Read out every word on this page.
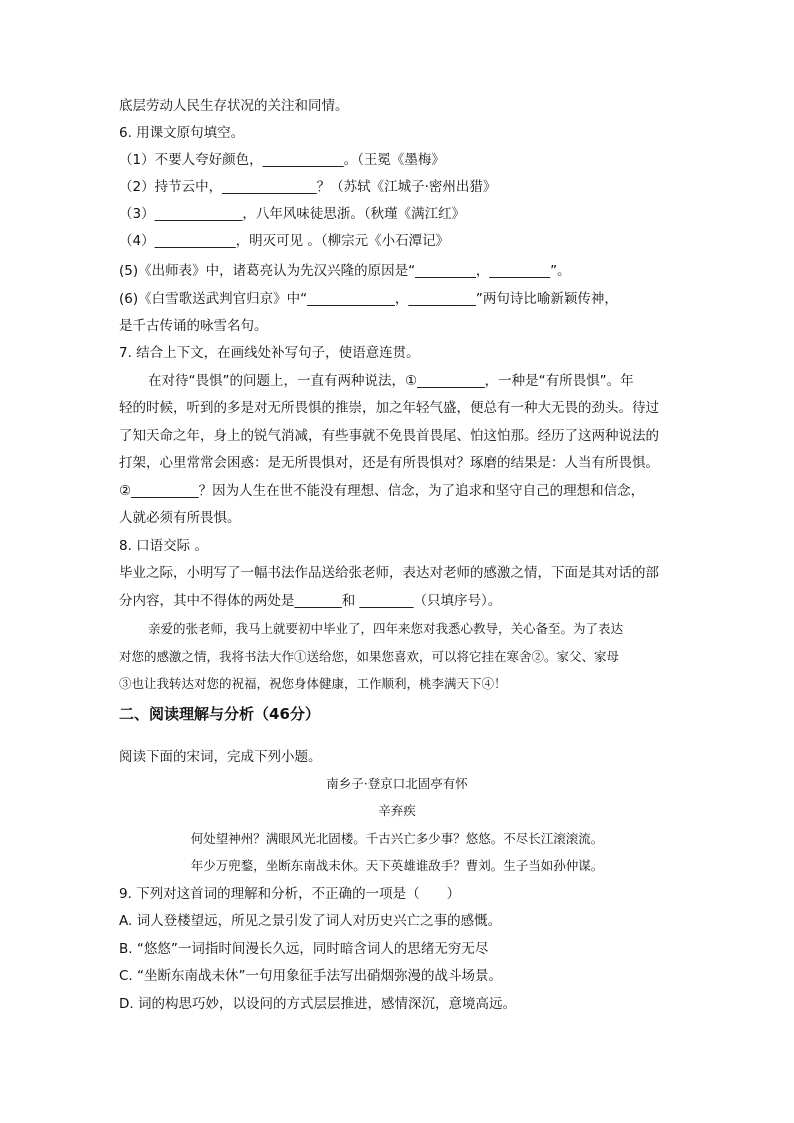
底层劳动人民生存状况的关注和同情。
6. 用课文原句填空。
（1）不要人夸好颜色，____________。（王冕《墨梅》
（2）持节云中，______________？（苏轼《江城子·密州出猎》
（3）_____________，八年风味徒思浙。（秋瑾《满江红》
（4）____________，明灭可见 。（柳宗元《小石潭记》
(5)《出师表》中，诸葛亮认为先汉兴隆的原因是“_________，_________”。
(6)《白雪歌送武判官归京》中“_____________，__________”两句诗比喻新颖传神，
是千古传诵的咏雪名句。
7. 结合上下文，在画线处补写句子，使语意连贯。
在对待“畏惧”的问题上，一直有两种说法，①__________，一种是“有所畏惧”。年
轻的时候，听到的多是对无所畏惧的推崇，加之年轻气盛，便总有一种大无畏的劲头。待过
了知天命之年，身上的锐气消减，有些事就不免畏首畏尾、怕这怕那。经历了这两种说法的
打架，心里常常会困惑：是无所畏惧对，还是有所畏惧对？琢磨的结果是：人当有所畏惧。
②__________？因为人生在世不能没有理想、信念，为了追求和坚守自己的理想和信念，
人就必须有所畏惧。
8. 口语交际 。
毕业之际，小明写了一幅书法作品送给张老师，表达对老师的感激之情，下面是其对话的部
分内容，其中不得体的两处是_______和 ________（只填序号）。
亲爱的张老师，我马上就要初中毕业了，四年来您对我悉心教导，关心备至。为了表达
对您的感激之情，我将书法大作①送给您，如果您喜欢，可以将它挂在寒舍②。家父、家母
③也让我转达对您的祝福，祝您身体健康，工作顺利，桃李满天下④！
二、阅读理解与分析（46分）
阅读下面的宋词，完成下列小题。
南乡子·登京口北固亭有怀
辛弃疾
何处望神州？满眼风光北固楼。千古兴亡多少事？悠悠。不尽长江滚滚流。
年少万兜鍪，坐断东南战未休。天下英雄谁敌手？曹刘。生子当如孙仲谋。
9. 下列对这首词的理解和分析，不正确的一项是（　　）
A. 词人登楼望远，所见之景引发了词人对历史兴亡之事的感慨。
B. “悠悠”一词指时间漫长久远，同时暗含词人的思绪无穷无尽
C. “坐断东南战未休”一句用象征手法写出硝烟弥漫的战斗场景。
D. 词的构思巧妙，以设问的方式层层推进，感情深沉，意境高远。
